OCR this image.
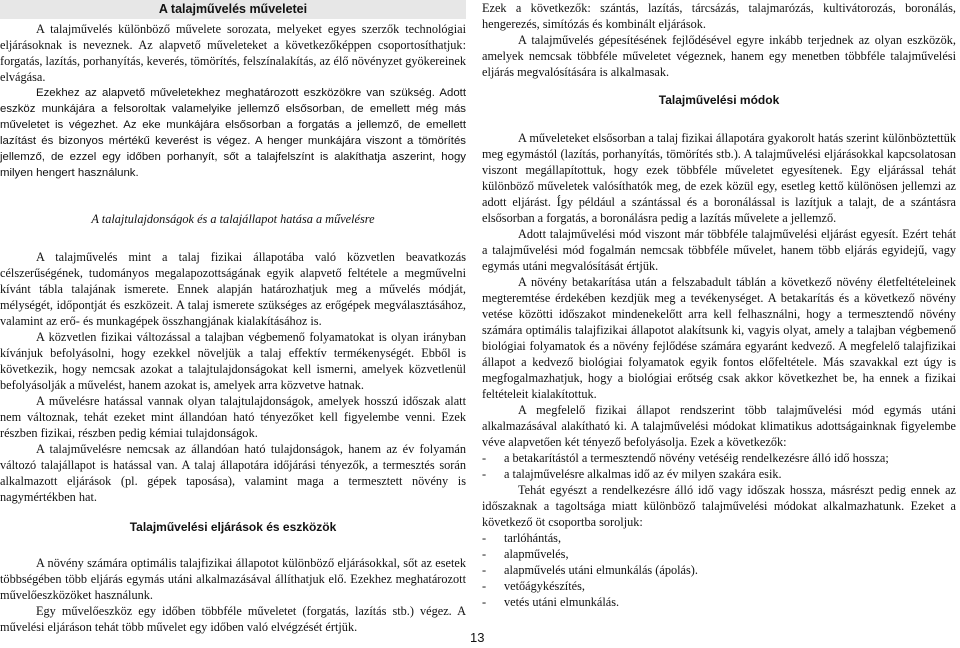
A talajművelés műveletei

A talajművelés különböző művelete sorozata, melyeket egyes szerzők technológiai eljárásoknak is neveznek. Az alapvető műveleteket a következőképpen csoportosíthatjuk: forgatás, lazítás, porhanyítás, keverés, tömörítés, felszínalakítás, az élő növényzet gyökereinek elvágása.

Ezekhez az alapvető műveletekhez meghatározott eszközökre van szükség. Adott eszköz munkájára a felsoroltak valamelyike jellemző elsősorban, de emellett még más műveletet is végezhet. Az eke munkájára elsősorban a forgatás a jellemző, de emellett lazítást és bizonyos mértékű keverést is végez. A henger munkájára viszont a tömörítés jellemző, de ezzel egy időben porhanyít, sőt a talajfelszínt is alakíthatja aszerint, hogy milyen hengert használunk.

A talajtulajdonságok és a talajállapot hatása a művelésre

A talajművelés mint a talaj fizikai állapotába való közvetlen beavatkozás célszerűségének, tudományos megalapozottságának egyik alapvető feltétele a megművelni kívánt tábla talajának ismerete. Ennek alapján határozhatjuk meg a művelés módját, mélységét, időpontját és eszközeit. A talaj ismerete szükséges az erőgépek megválasztásához, valamint az erő- és munkagépek összhangjának kialakításához is.

A közvetlen fizikai változással a talajban végbemenő folyamatokat is olyan irányban kívánjuk befolyásolni, hogy ezekkel növeljük a talaj effektív termékenységét. Ebből is következik, hogy nemcsak azokat a talajtulajdonságokat kell ismerni, amelyek közvetlenül befolyásolják a művelést, hanem azokat is, amelyek arra közvetve hatnak.

A művelésre hatással vannak olyan talajtulajdonságok, amelyek hosszú időszak alatt nem változnak, tehát ezeket mint állandóan ható tényezőket kell figyelembe venni. Ezek részben fizikai, részben pedig kémiai tulajdonságok.

A talajművelésre nemcsak az állandóan ható tulajdonságok, hanem az év folyamán változó talajállapot is hatással van. A talaj állapotára időjárási tényezők, a termesztés során alkalmazott eljárások (pl. gépek taposása), valamint maga a termesztett növény is nagymértékben hat.

Talajművelési eljárások és eszközök

A növény számára optimális talajfizikai állapotot különböző eljárásokkal, sőt az esetek többségében több eljárás egymás utáni alkalmazásával állíthatjuk elő. Ezekhez meghatározott művelőeszközöket használunk.

Egy művelőeszköz egy időben többféle műveletet (forgatás, lazítás stb.) végez. A művelési eljáráson tehát több művelet egy időben való elvégzését értjük.

Ezek a következők: szántás, lazítás, tárcsázás, talajmarózás, kultivátorozás, boronálás, hengerezés, simítózás és kombinált eljárások.

A talajművelés gépesítésének fejlődésével egyre inkább terjednek az olyan eszközök, amelyek nemcsak többféle műveletet végeznek, hanem egy menetben többféle talajművelési eljárás megvalósítására is alkalmasak.

Talajművelési módok

A műveleteket elsősorban a talaj fizikai állapotára gyakorolt hatás szerint különböztettük meg egymástól (lazítás, porhanyítás, tömörítés stb.). A talajművelési eljárásokkal kapcsolatosan viszont megállapítottuk, hogy ezek többféle műveletet egyesítenek. Egy eljárással tehát különböző műveletek valósíthatók meg, de ezek közül egy, esetleg kettő különösen jellemzi az adott eljárást. Így például a szántással és a boronálással is lazítjuk a talajt, de a szántásra elsősorban a forgatás, a boronálásra pedig a lazítás művelete a jellemző.

Adott talajművelési mód viszont már többféle talajművelési eljárást egyesít. Ezért tehát a talajművelési mód fogalmán nemcsak többféle művelet, hanem több eljárás egyidejű, vagy egymás utáni megvalósítását értjük.

A növény betakarítása után a felszabadult táblán a következő növény életfeltételeinek megteremtése érdekében kezdjük meg a tevékenységet. A betakarítás és a következő növény vetése közötti időszakot mindenekelőtt arra kell felhasználni, hogy a termesztendő növény számára optimális talajfizikai állapotot alakítsunk ki, vagyis olyat, amely a talajban végbemenő biológiai folyamatok és a növény fejlődése számára egyaránt kedvező. A megfelelő talajfizikai állapot a kedvező biológiai folyamatok egyik fontos előfeltétele. Más szavakkal ezt úgy is megfogalmazhatjuk, hogy a biológiai erőtség csak akkor következhet be, ha ennek a fizikai feltételeit kialakítottuk.

A megfelelő fizikai állapot rendszerint több talajművelési mód egymás utáni alkalmazásával alakítható ki. A talajművelési módokat klimatikus adottságainknak figyelembe véve alapvetően két tényező befolyásolja. Ezek a következők:

-	a betakarítástól a termesztendő növény vetéséig rendelkezésre álló idő hossza;
-	a talajművelésre alkalmas idő az év milyen szakára esik.

Tehát egyészt a rendelkezésre álló idő vagy időszak hossza, másrészt pedig ennek az időszaknak a tagoltsága miatt különböző talajművelési módokat alkalmazhatunk. Ezeket a következő öt csoportba soroljuk:

-	tarlóhántás,
-	alapművelés,
-	alapművelés utáni elmunkálás (ápolás).
-	vetőágykészítés,
-	vetés utáni elmunkálás.
13
